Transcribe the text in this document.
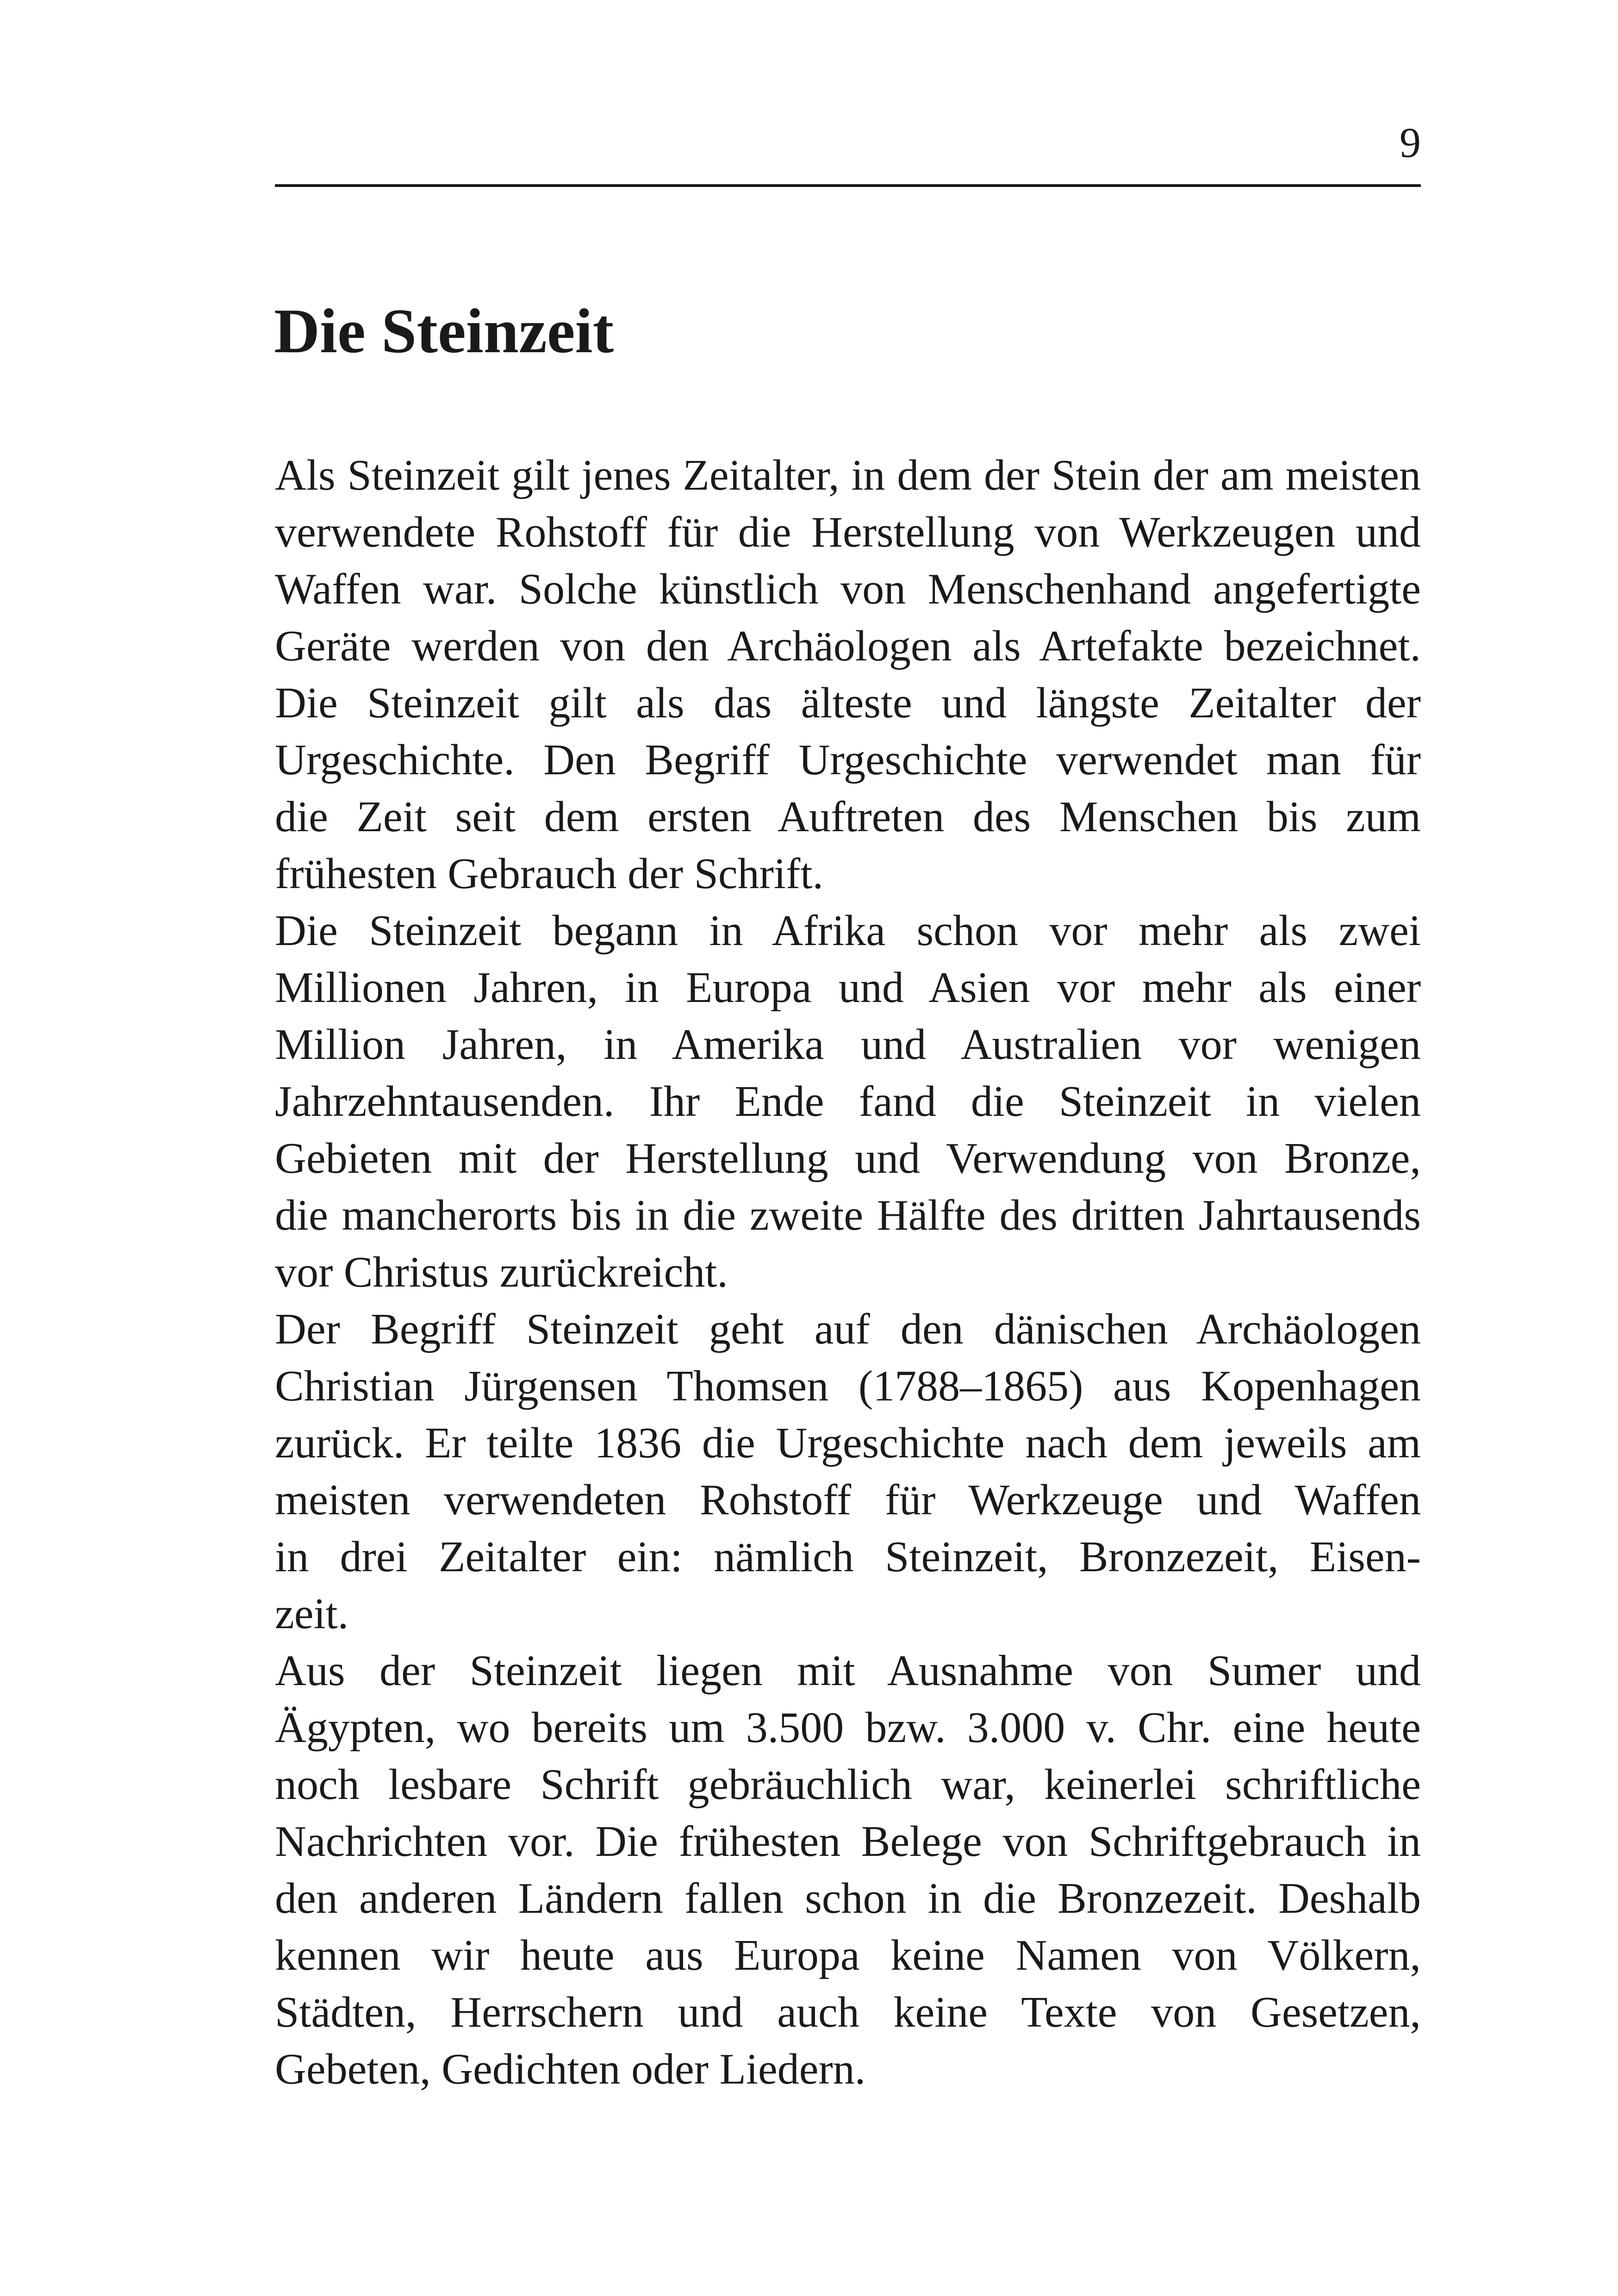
9
Die Steinzeit
Als Steinzeit gilt jenes Zeitalter, in dem der Stein der am meisten
verwendete Rohstoff für die Herstellung von Werkzeugen und
Waffen war. Solche künstlich von Menschenhand angefertigte
Geräte werden von den Archäologen als Artefakte bezeichnet.
Die Steinzeit gilt als das älteste und längste Zeitalter der
Urgeschichte. Den Begriff Urgeschichte verwendet man für
die Zeit seit dem ersten Auftreten des Menschen bis zum
frühesten Gebrauch der Schrift.
Die Steinzeit begann in Afrika schon vor mehr als zwei
Millionen Jahren, in Europa und Asien vor mehr als einer
Million Jahren, in Amerika und Australien vor wenigen
Jahrzehntausenden. Ihr Ende fand die Steinzeit in vielen
Gebieten mit der Herstellung und Verwendung von Bronze,
die mancherorts bis in die zweite Hälfte des dritten Jahrtausends
vor Christus zurückreicht.
Der Begriff Steinzeit geht auf den dänischen Archäologen
Christian Jürgensen Thomsen (1788–1865) aus Kopenhagen
zurück. Er teilte 1836 die Urgeschichte nach dem jeweils am
meisten verwendeten Rohstoff für Werkzeuge und Waffen
in drei Zeitalter ein: nämlich Steinzeit, Bronzezeit, Eisen-
zeit.
Aus der Steinzeit liegen mit Ausnahme von Sumer und
Ägypten, wo bereits um 3.500 bzw. 3.000 v. Chr. eine heute
noch lesbare Schrift gebräuchlich war, keinerlei schriftliche
Nachrichten vor. Die frühesten Belege von Schriftgebrauch in
den anderen Ländern fallen schon in die Bronzezeit. Deshalb
kennen wir heute aus Europa keine Namen von Völkern,
Städten, Herrschern und auch keine Texte von Gesetzen,
Gebeten, Gedichten oder Liedern.
